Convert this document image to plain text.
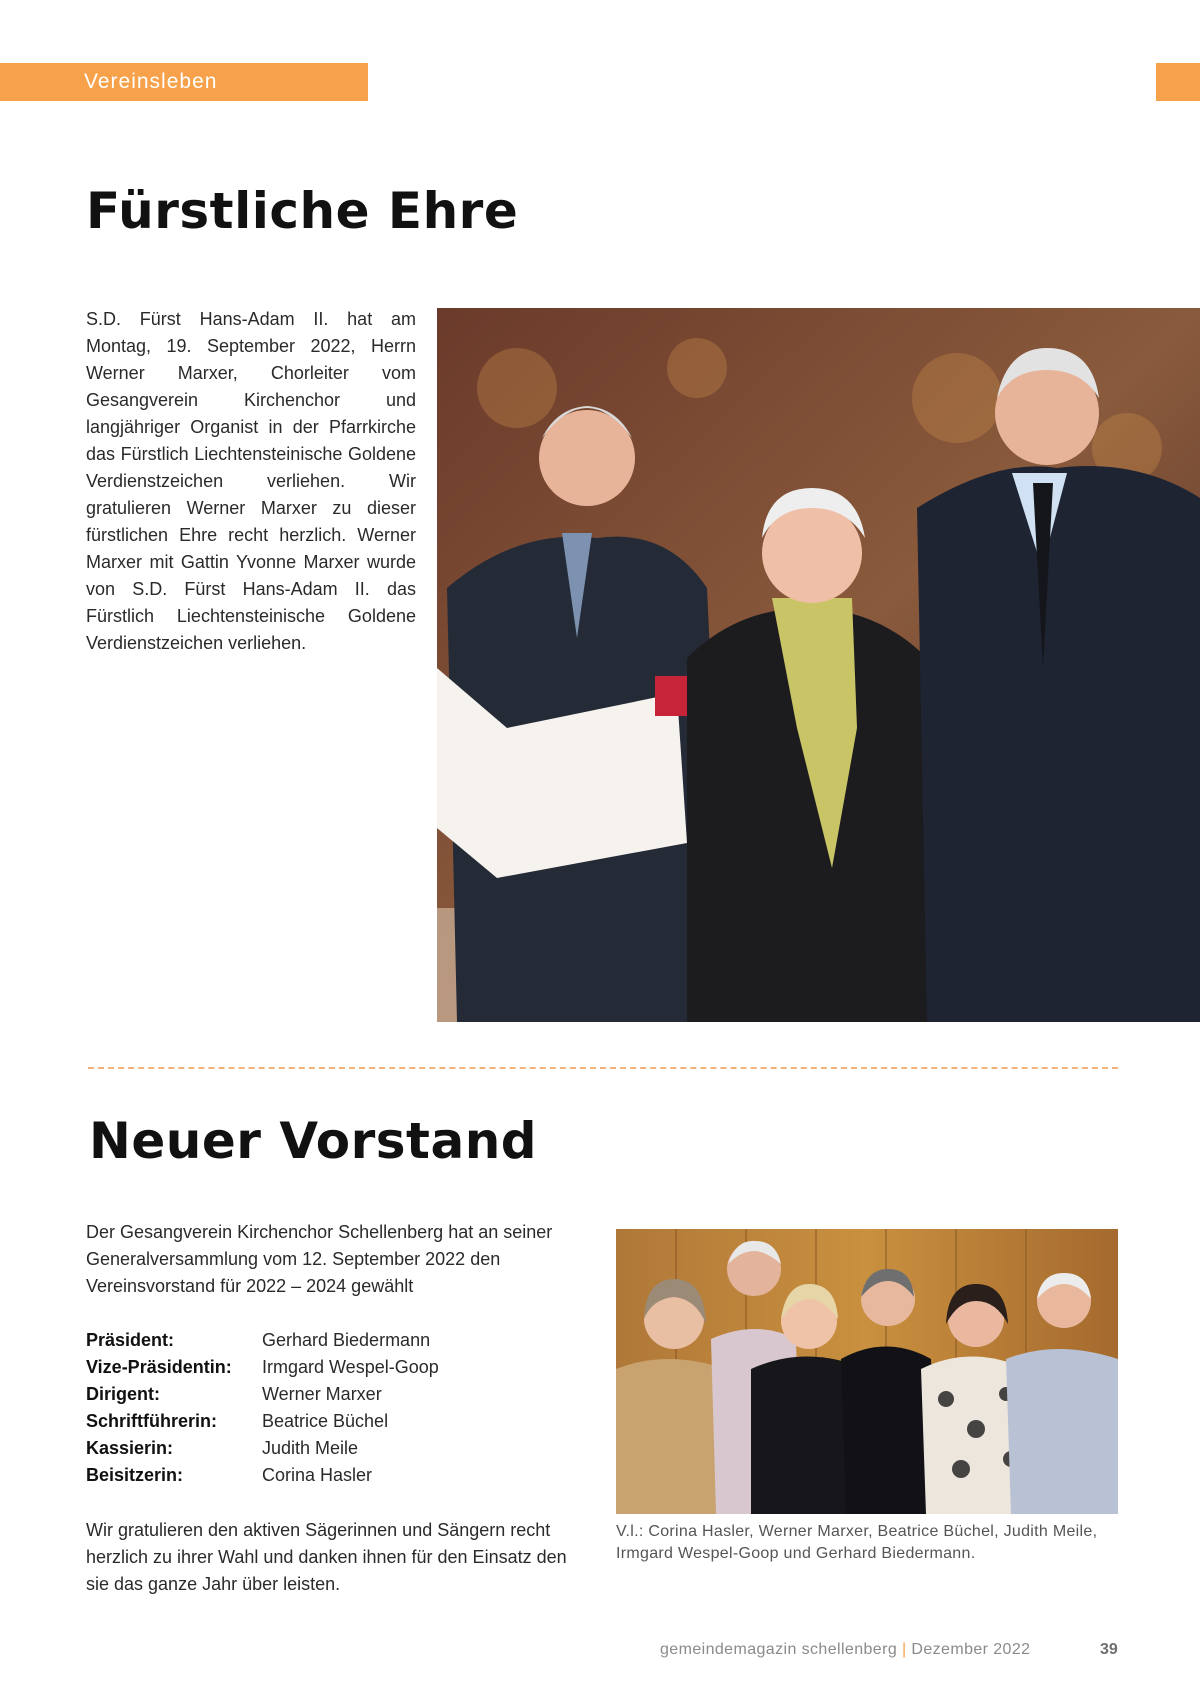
Vereinsleben
Fürstliche Ehre

S.D. Fürst Hans-Adam II. hat am Montag, 19. September 2022, Herrn Werner Marxer, Chorleiter vom Gesangverein Kirchenchor und langjähriger Organist in der Pfarrkirche das Fürstlich Liechtensteinische Goldene Verdienstzeichen verliehen. Wir gratulieren Werner Marxer zu dieser fürstlichen Ehre recht herzlich. Werner Marxer mit Gattin Yvonne Marxer wurde von S.D. Fürst Hans-Adam II. das Fürstlich Liechtensteinische Goldene Verdienstzeichen verliehen.

Neuer Vorstand

Der Gesangverein Kirchenchor Schellenberg hat an seiner Generalversammlung vom 12. September 2022 den Vereinsvorstand für 2022 – 2024 gewählt

Präsident:	Gerhard Biedermann
Vize-Präsidentin:	Irmgard Wespel-Goop
Dirigent:	Werner Marxer
Schriftführerin:	Beatrice Büchel
Kassierin:	Judith Meile
Beisitzerin:	Corina Hasler

Wir gratulieren den aktiven Sägerinnen und Sängern recht herzlich zu ihrer Wahl und danken ihnen für den Einsatz den sie das ganze Jahr über leisten.

V.l.: Corina Hasler, Werner Marxer, Beatrice Büchel, Judith Meile, Irmgard Wespel-Goop und Gerhard Biedermann.
gemeindemagazin schellenberg | Dezember 2022	39
